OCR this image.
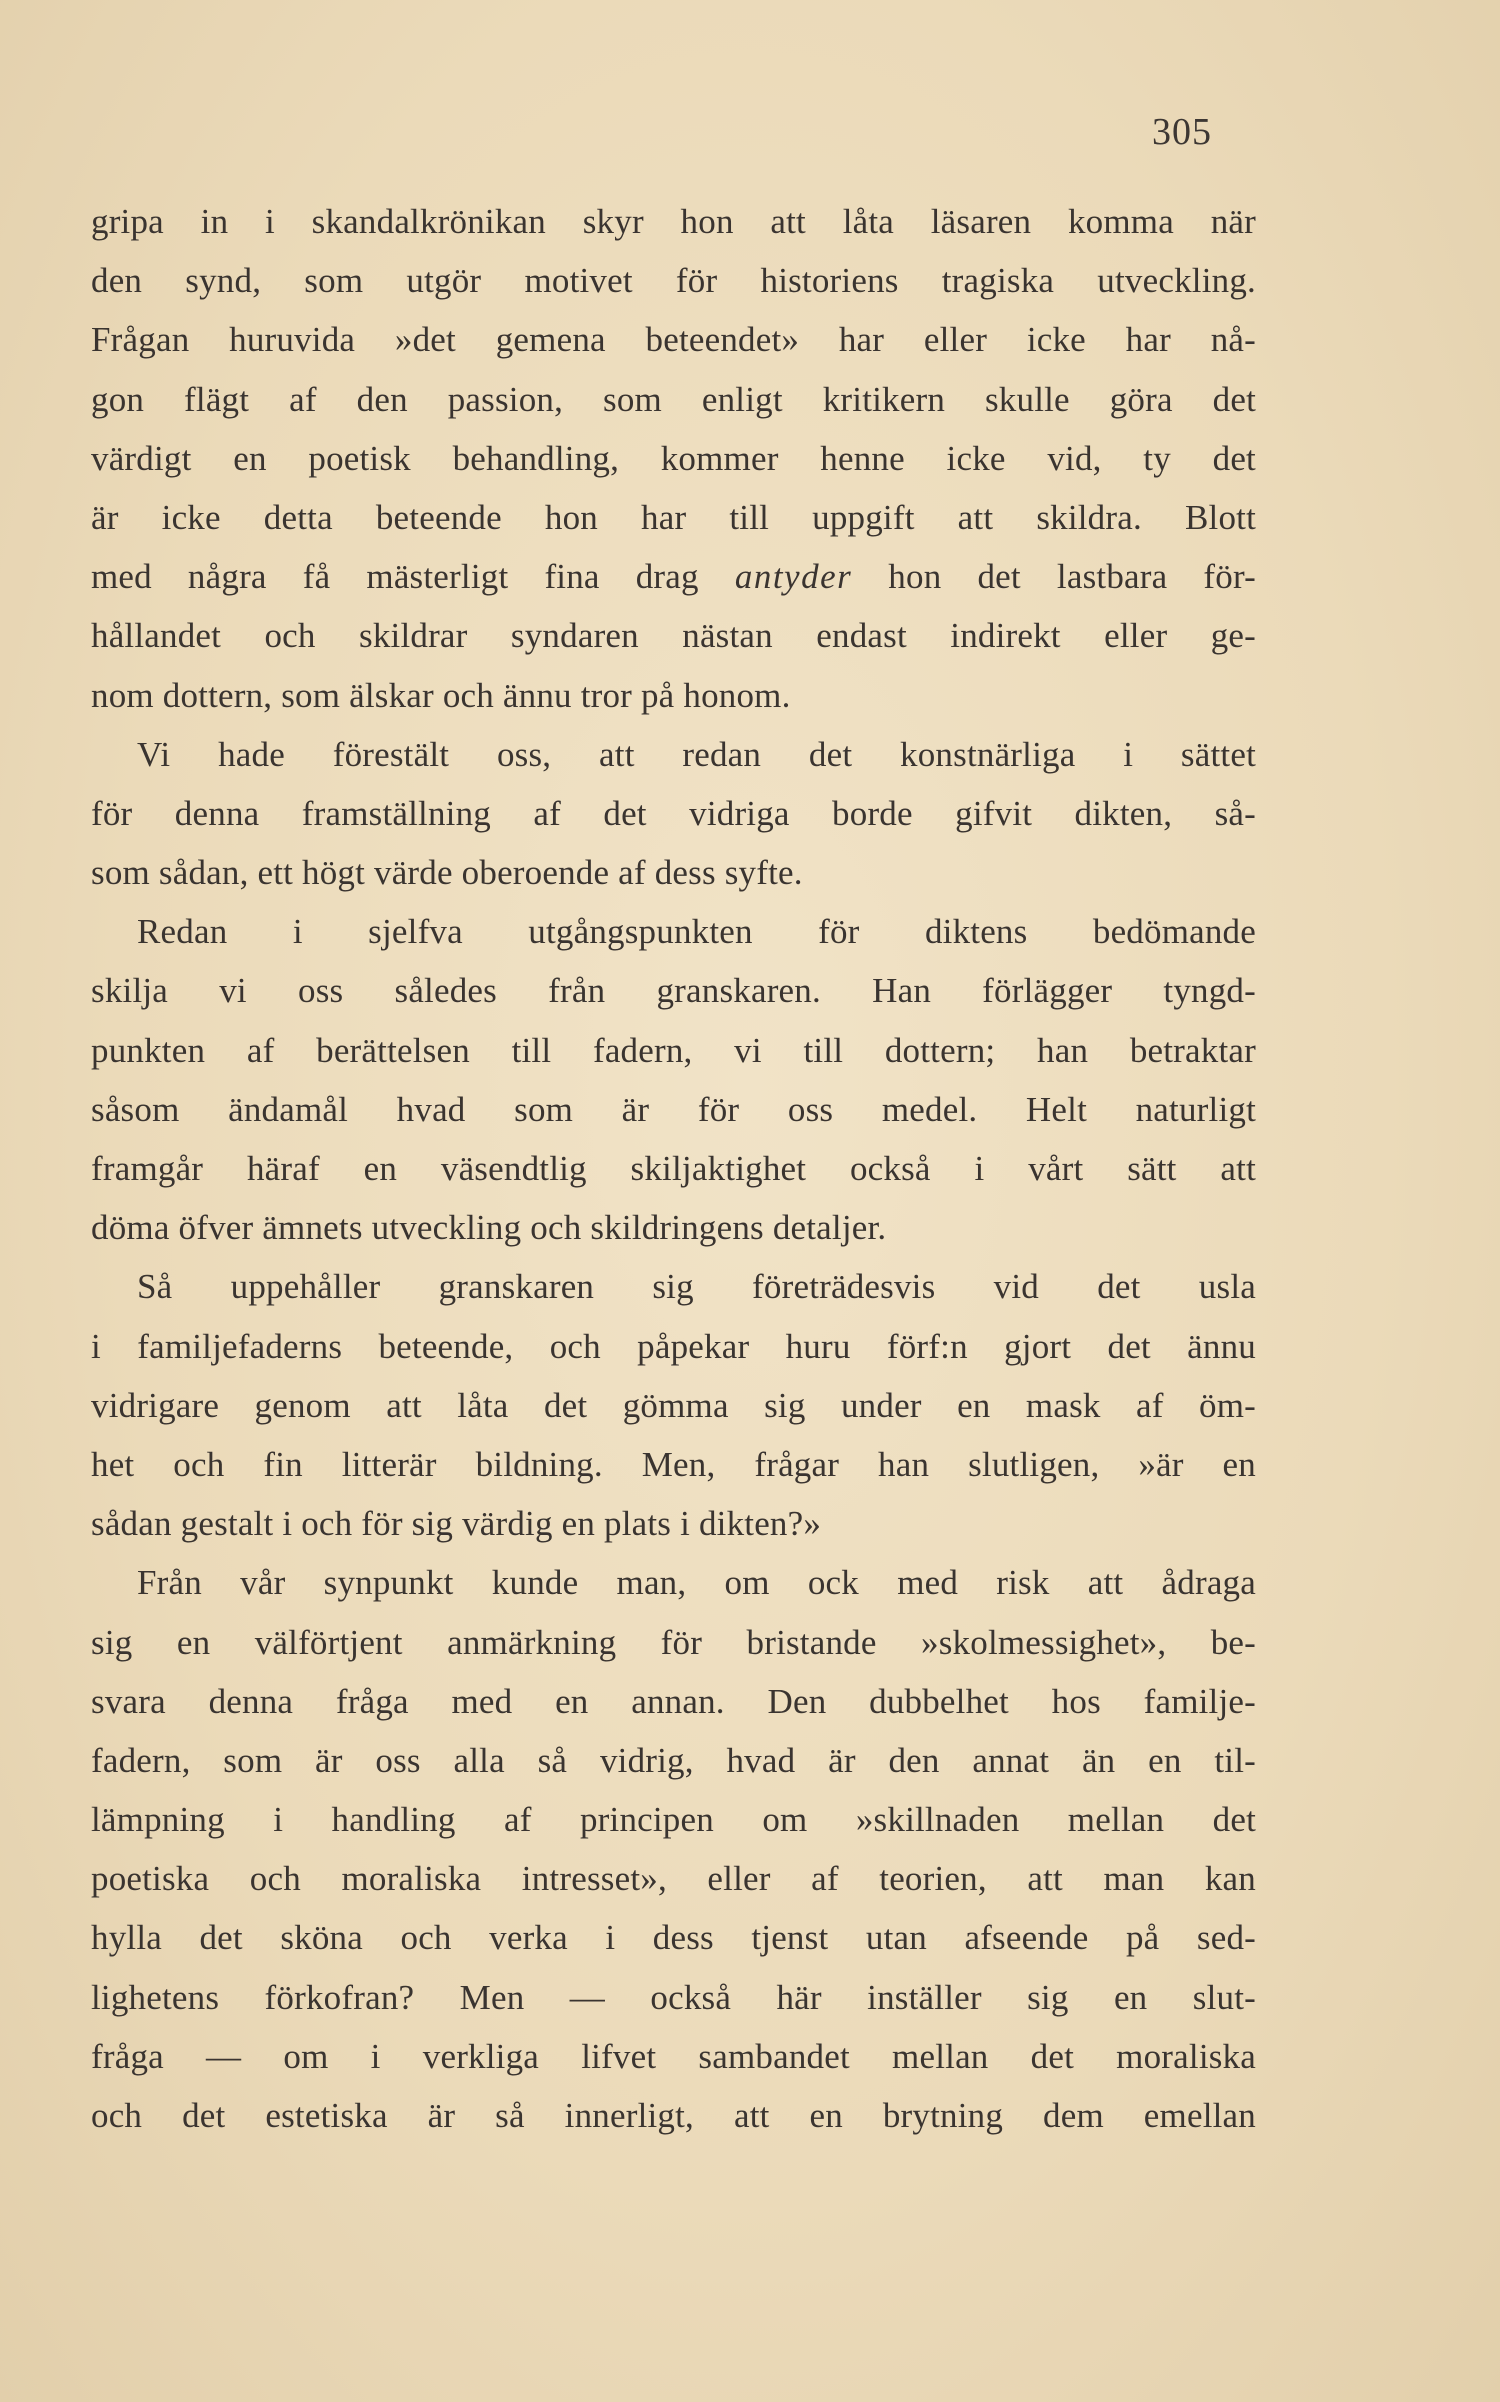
305
gripa in i skandalkrönikan skyr hon att låta läsaren komma när
den synd, som utgör motivet för historiens tragiska utveckling.
Frågan huruvida »det gemena beteendet» har eller icke har nå-
gon flägt af den passion, som enligt kritikern skulle göra det
värdigt en poetisk behandling, kommer henne icke vid, ty det
är icke detta beteende hon har till uppgift att skildra. Blott
med några få mästerligt fina drag antyder hon det lastbara för-
hållandet och skildrar syndaren nästan endast indirekt eller ge-
nom dottern, som älskar och ännu tror på honom.
Vi hade förestält oss, att redan det konstnärliga i sättet
för denna framställning af det vidriga borde gifvit dikten, så-
som sådan, ett högt värde oberoende af dess syfte.
Redan i sjelfva utgångspunkten för diktens bedömande
skilja vi oss således från granskaren. Han förlägger tyngd-
punkten af berättelsen till fadern, vi till dottern; han betraktar
såsom ändamål hvad som är för oss medel. Helt naturligt
framgår häraf en väsendtlig skiljaktighet också i vårt sätt att
döma öfver ämnets utveckling och skildringens detaljer.
Så uppehåller granskaren sig företrädesvis vid det usla
i familjefaderns beteende, och påpekar huru förf:n gjort det ännu
vidrigare genom att låta det gömma sig under en mask af öm-
het och fin litterär bildning. Men, frågar han slutligen, »är en
sådan gestalt i och för sig värdig en plats i dikten?»
Från vår synpunkt kunde man, om ock med risk att ådraga
sig en välförtjent anmärkning för bristande »skolmessighet», be-
svara denna fråga med en annan. Den dubbelhet hos familje-
fadern, som är oss alla så vidrig, hvad är den annat än en til-
lämpning i handling af principen om »skillnaden mellan det
poetiska och moraliska intresset», eller af teorien, att man kan
hylla det sköna och verka i dess tjenst utan afseende på sed-
lighetens förkofran? Men — också här inställer sig en slut-
fråga — om i verkliga lifvet sambandet mellan det moraliska
och det estetiska är så innerligt, att en brytning dem emellan
